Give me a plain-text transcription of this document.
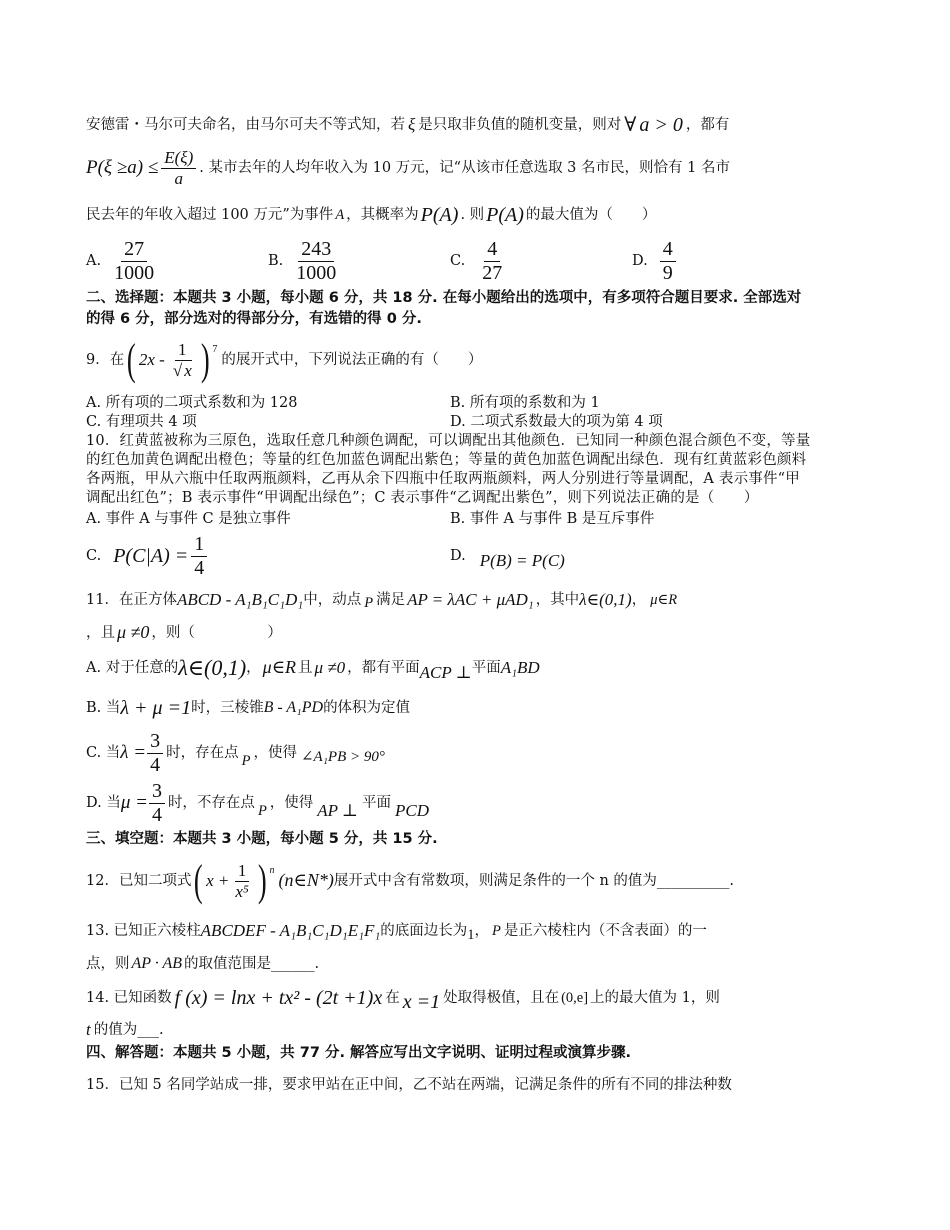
安德雷・马尔可夫命名，由马尔可夫不等式知，若 ξ 是只取非负值的随机变量，则对 ∀ a > 0 ，都有

$P(\xi \ge a) \le \frac{E(\xi)}{a}$ . 某市去年的人均年收入为 10 万元，记“从该市任意选取 3 名市民，则恰有 1 名市

民去年的年收入超过 100 万元”为事件 A ，其概率为 P(A) . 则 P(A) 的最大值为（　　）

A. $\frac{27}{1000}$	B. $\frac{243}{1000}$	C. $\frac{4}{27}$	D. $\frac{4}{9}$

二、选择题：本题共 3 小题，每小题 6 分，共 18 分. 在每小题给出的选项中，有多项符合题目要求. 全部选对的得 6 分，部分选对的得部分分，有选错的得 0 分.

9．在 ( $2x - \frac{1}{√ x}$ ) $^7$
的展开式中，下列说法正确的有（　　）

A. 所有项的二项式系数和为 128	B. 所有项的系数和为 1
C. 有理项共 4 项	D. 二项式系数最大的项为第 4 项

10．红黄蓝被称为三原色，选取任意几种颜色调配，可以调配出其他颜色．已知同一种颜色混合颜色不变，等量的红色加黄色调配出橙色；等量的红色加蓝色调配出紫色；等量的黄色加蓝色调配出绿色．现有红黄蓝彩色颜料各两瓶，甲从六瓶中任取两瓶颜料，乙再从余下四瓶中任取两瓶颜料，两人分别进行等量调配，A 表示事件“甲调配出红色”；B 表示事件“甲调配出绿色”；C 表示事件“乙调配出紫色”，则下列说法正确的是（　　）

A. 事件 A 与事件 C 是独立事件	B. 事件 A 与事件 B 是互斥事件
C. $P(C|A) = \frac{1}{4}$	D. P(B) = P(C)

11．在正方体 ABCD - A₁B₁C₁D₁ 中，动点 P 满足 AP = λAC + μAD₁ ，其中 λ∈(0,1) ， μ∈R

，且 μ ≠0 ，则（　　　　　）

A. 对于任意的 λ∈(0,1) ， μ∈R 且 μ ≠0 ，都有平面 ACP ⊥ 平面 A₁BD

B. 当 λ + μ =1 时，三棱锥 B - A₁PD 的体积为定值

C. 当 $\lambda = \frac{3}{4}$ 时，存在点 P ，使得 ∠A₁PB > 90°

D. 当 $\mu = \frac{3}{4}$ 时，不存在点 P ，使得 AP ⊥ 平面 PCD

三、填空题：本题共 3 小题，每小题 5 分，共 15 分.

12．已知二项式 ( $x + \frac{1}{\text{x⁵}}$ ) $^n$ (n∈N*) 展开式中含有常数项，则满足条件的一个 n 的值为__________.

13. 已知正六棱柱 ABCDEF - A₁B₁C₁D₁E₁F₁ 的底面边长为 1 ， P 是正六棱柱内（不含表面）的一

点，则 AP · AB 的取值范围是______.

14. 已知函数 f (x) = lnx + tx² - (2t +1)x 在 x =1 处取得极值，且在 (0,e] 上的最大值为 1，则

t 的值为___.

四、解答题：本题共 5 小题，共 77 分. 解答应写出文字说明、证明过程或演算步骤.

15．已知 5 名同学站成一排，要求甲站在正中间，乙不站在两端，记满足条件的所有不同的排法种数
